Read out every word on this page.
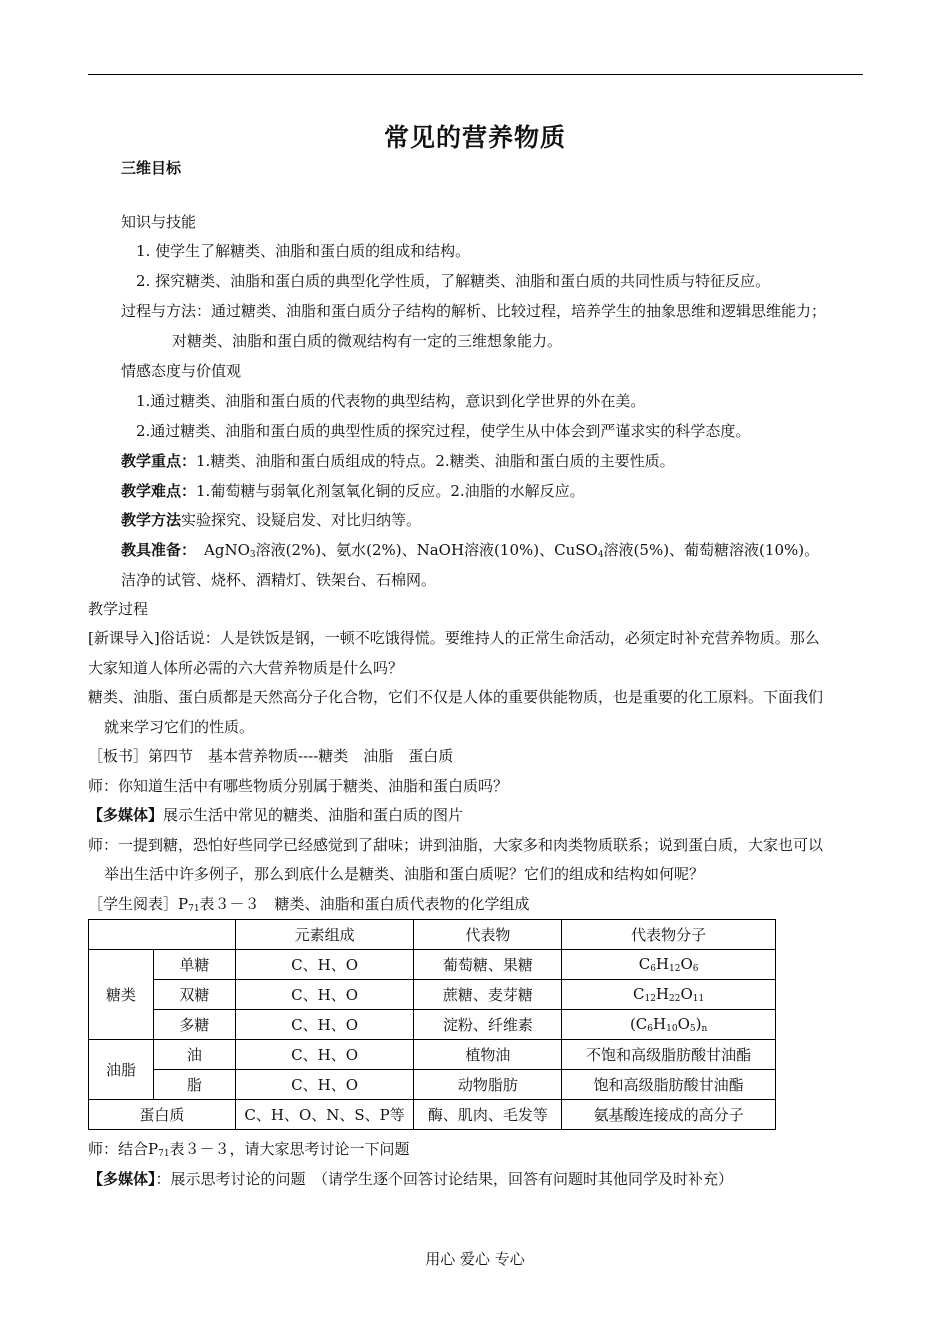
常见的营养物质
三维目标
知识与技能
1. 使学生了解糖类、油脂和蛋白质的组成和结构。
2. 探究糖类、油脂和蛋白质的典型化学性质，了解糖类、油脂和蛋白质的共同性质与特征反应。
过程与方法：通过糖类、油脂和蛋白质分子结构的解析、比较过程，培养学生的抽象思维和逻辑思维能力；
对糖类、油脂和蛋白质的微观结构有一定的三维想象能力。
情感态度与价值观
1.通过糖类、油脂和蛋白质的代表物的典型结构，意识到化学世界的外在美。
2.通过糖类、油脂和蛋白质的典型性质的探究过程，使学生从中体会到严谨求实的科学态度。
教学重点：1.糖类、油脂和蛋白质组成的特点。2.糖类、油脂和蛋白质的主要性质。
教学难点：1.葡萄糖与弱氧化剂氢氧化铜的反应。2.油脂的水解反应。
教学方法实验探究、设疑启发、对比归纳等。
教具准备： AgNO$_3$溶液(2%)、氨水(2%)、NaOH溶液(10%)、CuSO$_4$溶液(5%)、葡萄糖溶液(10%)。
洁净的试管、烧杯、酒精灯、铁架台、石棉网。
教学过程
[新课导入]俗话说：人是铁饭是钢，一顿不吃饿得慌。要维持人的正常生命活动，必须定时补充营养物质。那么
大家知道人体所必需的六大营养物质是什么吗？
糖类、油脂、蛋白质都是天然高分子化合物，它们不仅是人体的重要供能物质，也是重要的化工原料。下面我们
就来学习它们的性质。
［板书］第四节　基本营养物质----糖类　油脂　蛋白质
师：你知道生活中有哪些物质分别属于糖类、油脂和蛋白质吗？
【多媒体】展示生活中常见的糖类、油脂和蛋白质的图片
师：一提到糖，恐怕好些同学已经感觉到了甜味；讲到油脂，大家多和肉类物质联系；说到蛋白质，大家也可以
举出生活中许多例子，那么到底什么是糖类、油脂和蛋白质呢？它们的组成和结构如何呢？
［学生阅表$]P_{71}$表３－３　糖类、油脂和蛋白质代表物的化学组成
		元素组成	代表物	代表物分子
糖类	单糖	C、H、O	葡萄糖、果糖	$C_6H_{12}O_6$
	双糖	C、H、O	蔗糖、麦芽糖	$C_{12}H_{22}O_{11}$
	多糖	C、H、O	淀粉、纤维素	$(C_6H_{10}O_5)_n$
油脂	油	C、H、O	植物油	不饱和高级脂肪酸甘油酯
	脂	C、H、O	动物脂肪	饱和高级脂肪酸甘油酯
蛋白质		C、H、O、N、S、P等	酶、肌肉、毛发等	氨基酸连接成的高分子
师：结合$P_{71}$表３－３，请大家思考讨论一下问题
【多媒体】：展示思考讨论的问题　（请学生逐个回答讨论结果，回答有问题时其他同学及时补充）
用心 爱心 专心
